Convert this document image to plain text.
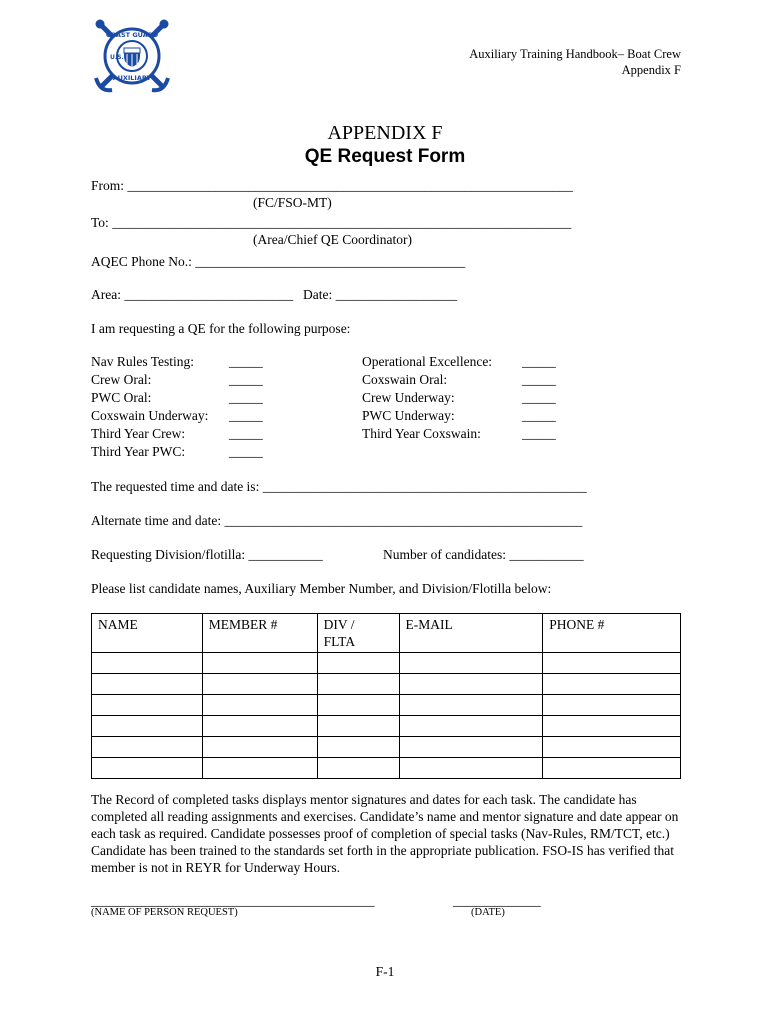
COAST GUARD
AUXILIARY
U.S.	Auxiliary Training Handbook– Boat Crew
Appendix F
APPENDIX F
QE Request Form
From: __________________________________________________________________
(FC/FSO-MT)
To: ____________________________________________________________________
(Area/Chief QE Coordinator)
AQEC Phone No.: ________________________________________
Area: _________________________ Date: __________________
I am requesting a QE for the following purpose:
Nav Rules Testing:	_____
Crew Oral:	_____
PWC Oral:	_____
Coxswain Underway: _____
Third Year Crew:	_____
Third Year PWC:	_____
Operational Excellence: _____
Coxswain Oral:	_____
Crew Underway:	_____
PWC Underway:	_____
Third Year Coxswain:	_____
The requested time and date is: ________________________________________________
Alternate time and date: _____________________________________________________
Requesting Division/flotilla: ___________	Number of candidates: ___________
Please list candidate names, Auxiliary Member Number, and Division/Flotilla below:
NAME	MEMBER #	DIV / FLTA	E-MAIL	PHONE #

The Record of completed tasks displays mentor signatures and dates for each task. The candidate has completed all reading assignments and exercises. Candidate’s name and mentor signature and date appear on each task as required. Candidate possesses proof of completion of special tasks (Nav-Rules, RM/TCT, etc.) Candidate has been trained to the standards set forth in the appropriate publication. FSO-IS has verified that member is not in REYR for Underway Hours.
__________________________________________
(NAME OF PERSON REQUEST)
_____________
(DATE)
F-1
